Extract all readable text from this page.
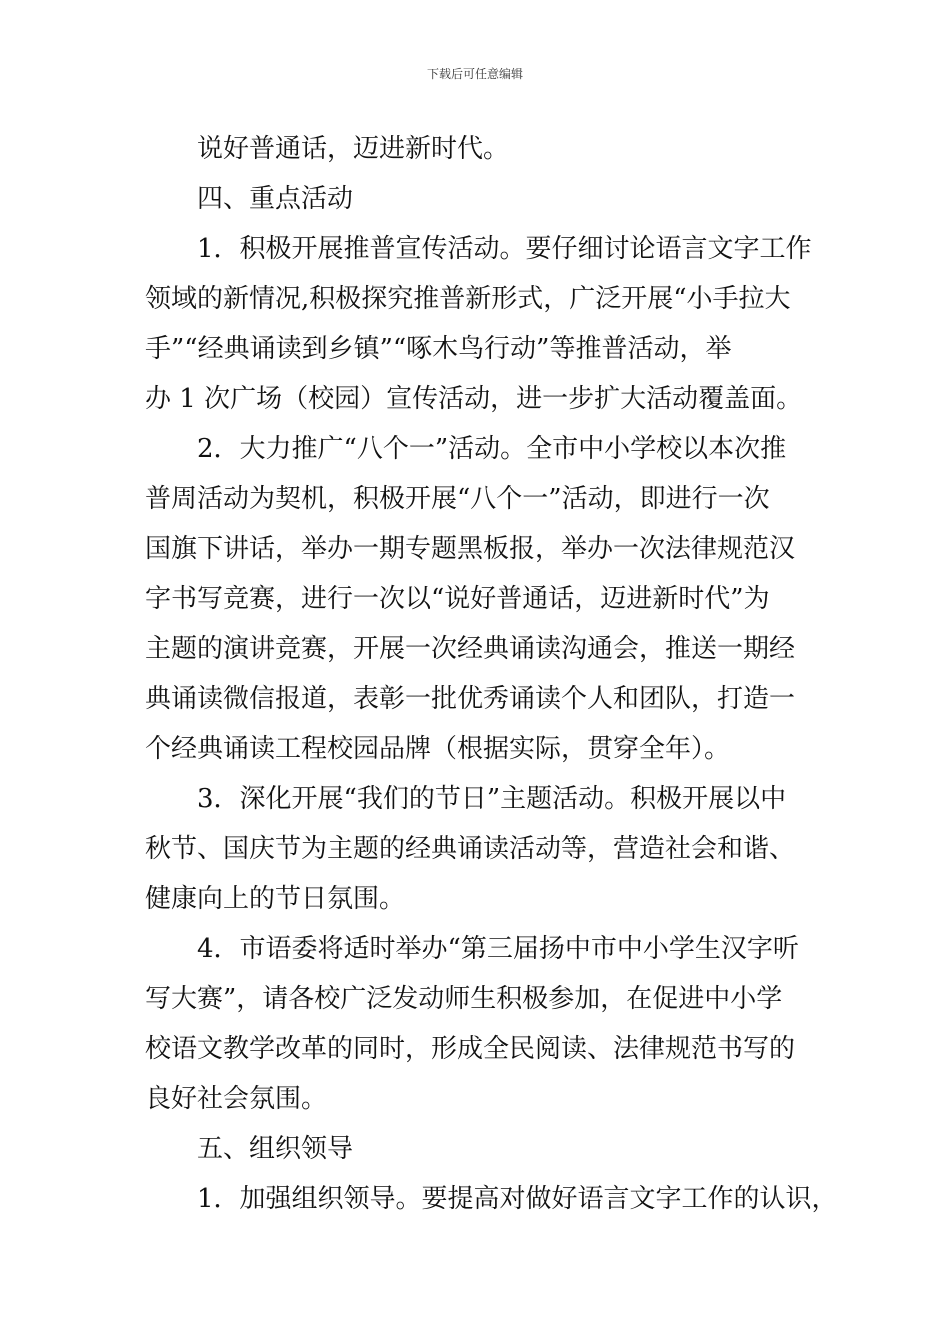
下载后可任意编辑
说好普通话，迈进新时代。
四、重点活动
1．积极开展推普宣传活动。要仔细讨论语言文字工作
领域的新情况,积极探究推普新形式，广泛开展“小手拉大
手”“经典诵读到乡镇”“啄木鸟行动”等推普活动，举
办 1 次广场（校园）宣传活动，进一步扩大活动覆盖面。
2．大力推广“八个一”活动。全市中小学校以本次推
普周活动为契机，积极开展“八个一”活动，即进行一次
国旗下讲话，举办一期专题黑板报，举办一次法律规范汉
字书写竞赛，进行一次以“说好普通话，迈进新时代”为
主题的演讲竞赛，开展一次经典诵读沟通会，推送一期经
典诵读微信报道，表彰一批优秀诵读个人和团队，打造一
个经典诵读工程校园品牌（根据实际，贯穿全年）。
3．深化开展“我们的节日”主题活动。积极开展以中
秋节、国庆节为主题的经典诵读活动等，营造社会和谐、
健康向上的节日氛围。
4．市语委将适时举办“第三届扬中市中小学生汉字听
写大赛”，请各校广泛发动师生积极参加，在促进中小学
校语文教学改革的同时，形成全民阅读、法律规范书写的
良好社会氛围。
五、组织领导
1．加强组织领导。要提高对做好语言文字工作的认识，
